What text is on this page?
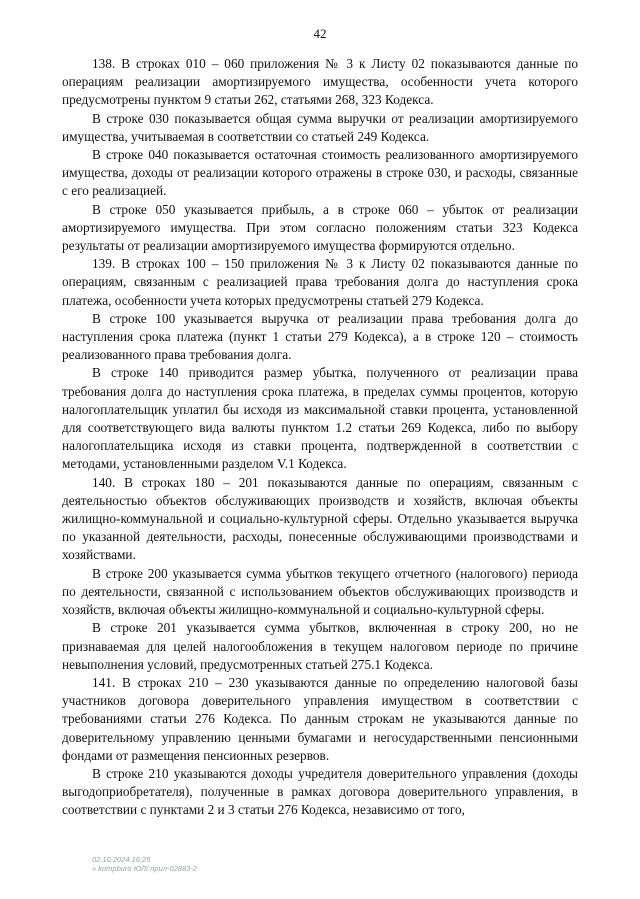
42

138. В строках 010 – 060 приложения № 3 к Листу 02 показываются данные по операциям реализации амортизируемого имущества, особенности учета которого предусмотрены пунктом 9 статьи 262, статьями 268, 323 Кодекса.

В строке 030 показывается общая сумма выручки от реализации амортизируемого имущества, учитываемая в соответствии со статьей 249 Кодекса.

В строке 040 показывается остаточная стоимость реализованного амортизируемого имущества, доходы от реализации которого отражены в строке 030, и расходы, связанные с его реализацией.

В строке 050 указывается прибыль, а в строке 060 – убыток от реализации амортизируемого имущества. При этом согласно положениям статьи 323 Кодекса результаты от реализации амортизируемого имущества формируются отдельно.

139. В строках 100 – 150 приложения № 3 к Листу 02 показываются данные по операциям, связанным с реализацией права требования долга до наступления срока платежа, особенности учета которых предусмотрены статьей 279 Кодекса.

В строке 100 указывается выручка от реализации права требования долга до наступления срока платежа (пункт 1 статьи 279 Кодекса), а в строке 120 – стоимость реализованного права требования долга.

В строке 140 приводится размер убытка, полученного от реализации права требования долга до наступления срока платежа, в пределах суммы процентов, которую налогоплательщик уплатил бы исходя из максимальной ставки процента, установленной для соответствующего вида валюты пунктом 1.2 статьи 269 Кодекса, либо по выбору налогоплательщика исходя из ставки процента, подтвержденной в соответствии с методами, установленными разделом V.1 Кодекса.

140. В строках 180 – 201 показываются данные по операциям, связанным с деятельностью объектов обслуживающих производств и хозяйств, включая объекты жилищно-коммунальной и социально-культурной сферы. Отдельно указывается выручка по указанной деятельности, расходы, понесенные обслуживающими производствами и хозяйствами.

В строке 200 указывается сумма убытков текущего отчетного (налогового) периода по деятельности, связанной с использованием объектов обслуживающих производств и хозяйств, включая объекты жилищно-коммунальной и социально-культурной сферы.

В строке 201 указывается сумма убытков, включенная в строку 200, но не признаваемая для целей налогообложения в текущем налоговом периоде по причине невыполнения условий, предусмотренных статьей 275.1 Кодекса.

141. В строках 210 – 230 указываются данные по определению налоговой базы участников договора доверительного управления имуществом в соответствии с требованиями статьи 276 Кодекса. По данным строкам не указываются данные по доверительному управлению ценными бумагами и негосударственными пенсионными фондами от размещения пенсионных резервов.

В строке 210 указываются доходы учредителя доверительного управления (доходы выгодоприобретателя), полученные в рамках договора доверительного управления, в соответствии с пунктами 2 и 3 статьи 276 Кодекса, независимо от того,

02.10.2024 16:25
» kompburo ЮЛ/ прил-02883-2
